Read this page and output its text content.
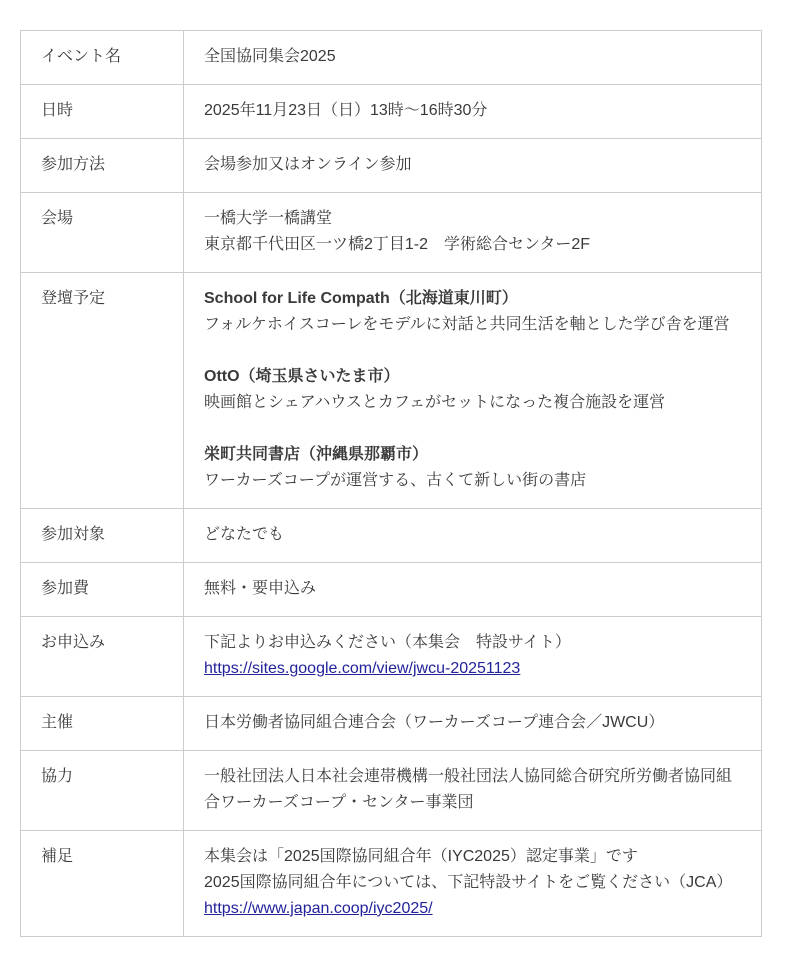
イベント名	全国協同集会2025
日時	2025年11月23日（日）13時〜16時30分
参加方法	会場参加又はオンライン参加
会場	一橋大学一橋講堂
東京都千代田区一ツ橋2丁目1-2　学術総合センター2F

登壇予定	School for Life Compath（北海道東川町）
フォルケホイスコーレをモデルに対話と共同生活を軸とした学び舎を運営
OttO（埼玉県さいたま市）
映画館とシェアハウスとカフェがセットになった複合施設を運営
栄町共同書店（沖縄県那覇市）
ワーカーズコープが運営する、古くて新しい街の書店

参加対象	どなたでも
参加費	無料・要申込み
お申込み	下記よりお申込みください（本集会　特設サイト）
https://sites.google.com/view/jwcu-20251123
主催	日本労働者協同組合連合会（ワーカーズコープ連合会／JWCU）
協力	一般社団法人日本社会連帯機構一般社団法人協同総合研究所労働者協同組合ワーカーズコープ・センター事業団
補足	本集会は「2025国際協同組合年（IYC2025）認定事業」です
2025国際協同組合年については、下記特設サイトをご覧ください（JCA）
https://www.japan.coop/iyc2025/
